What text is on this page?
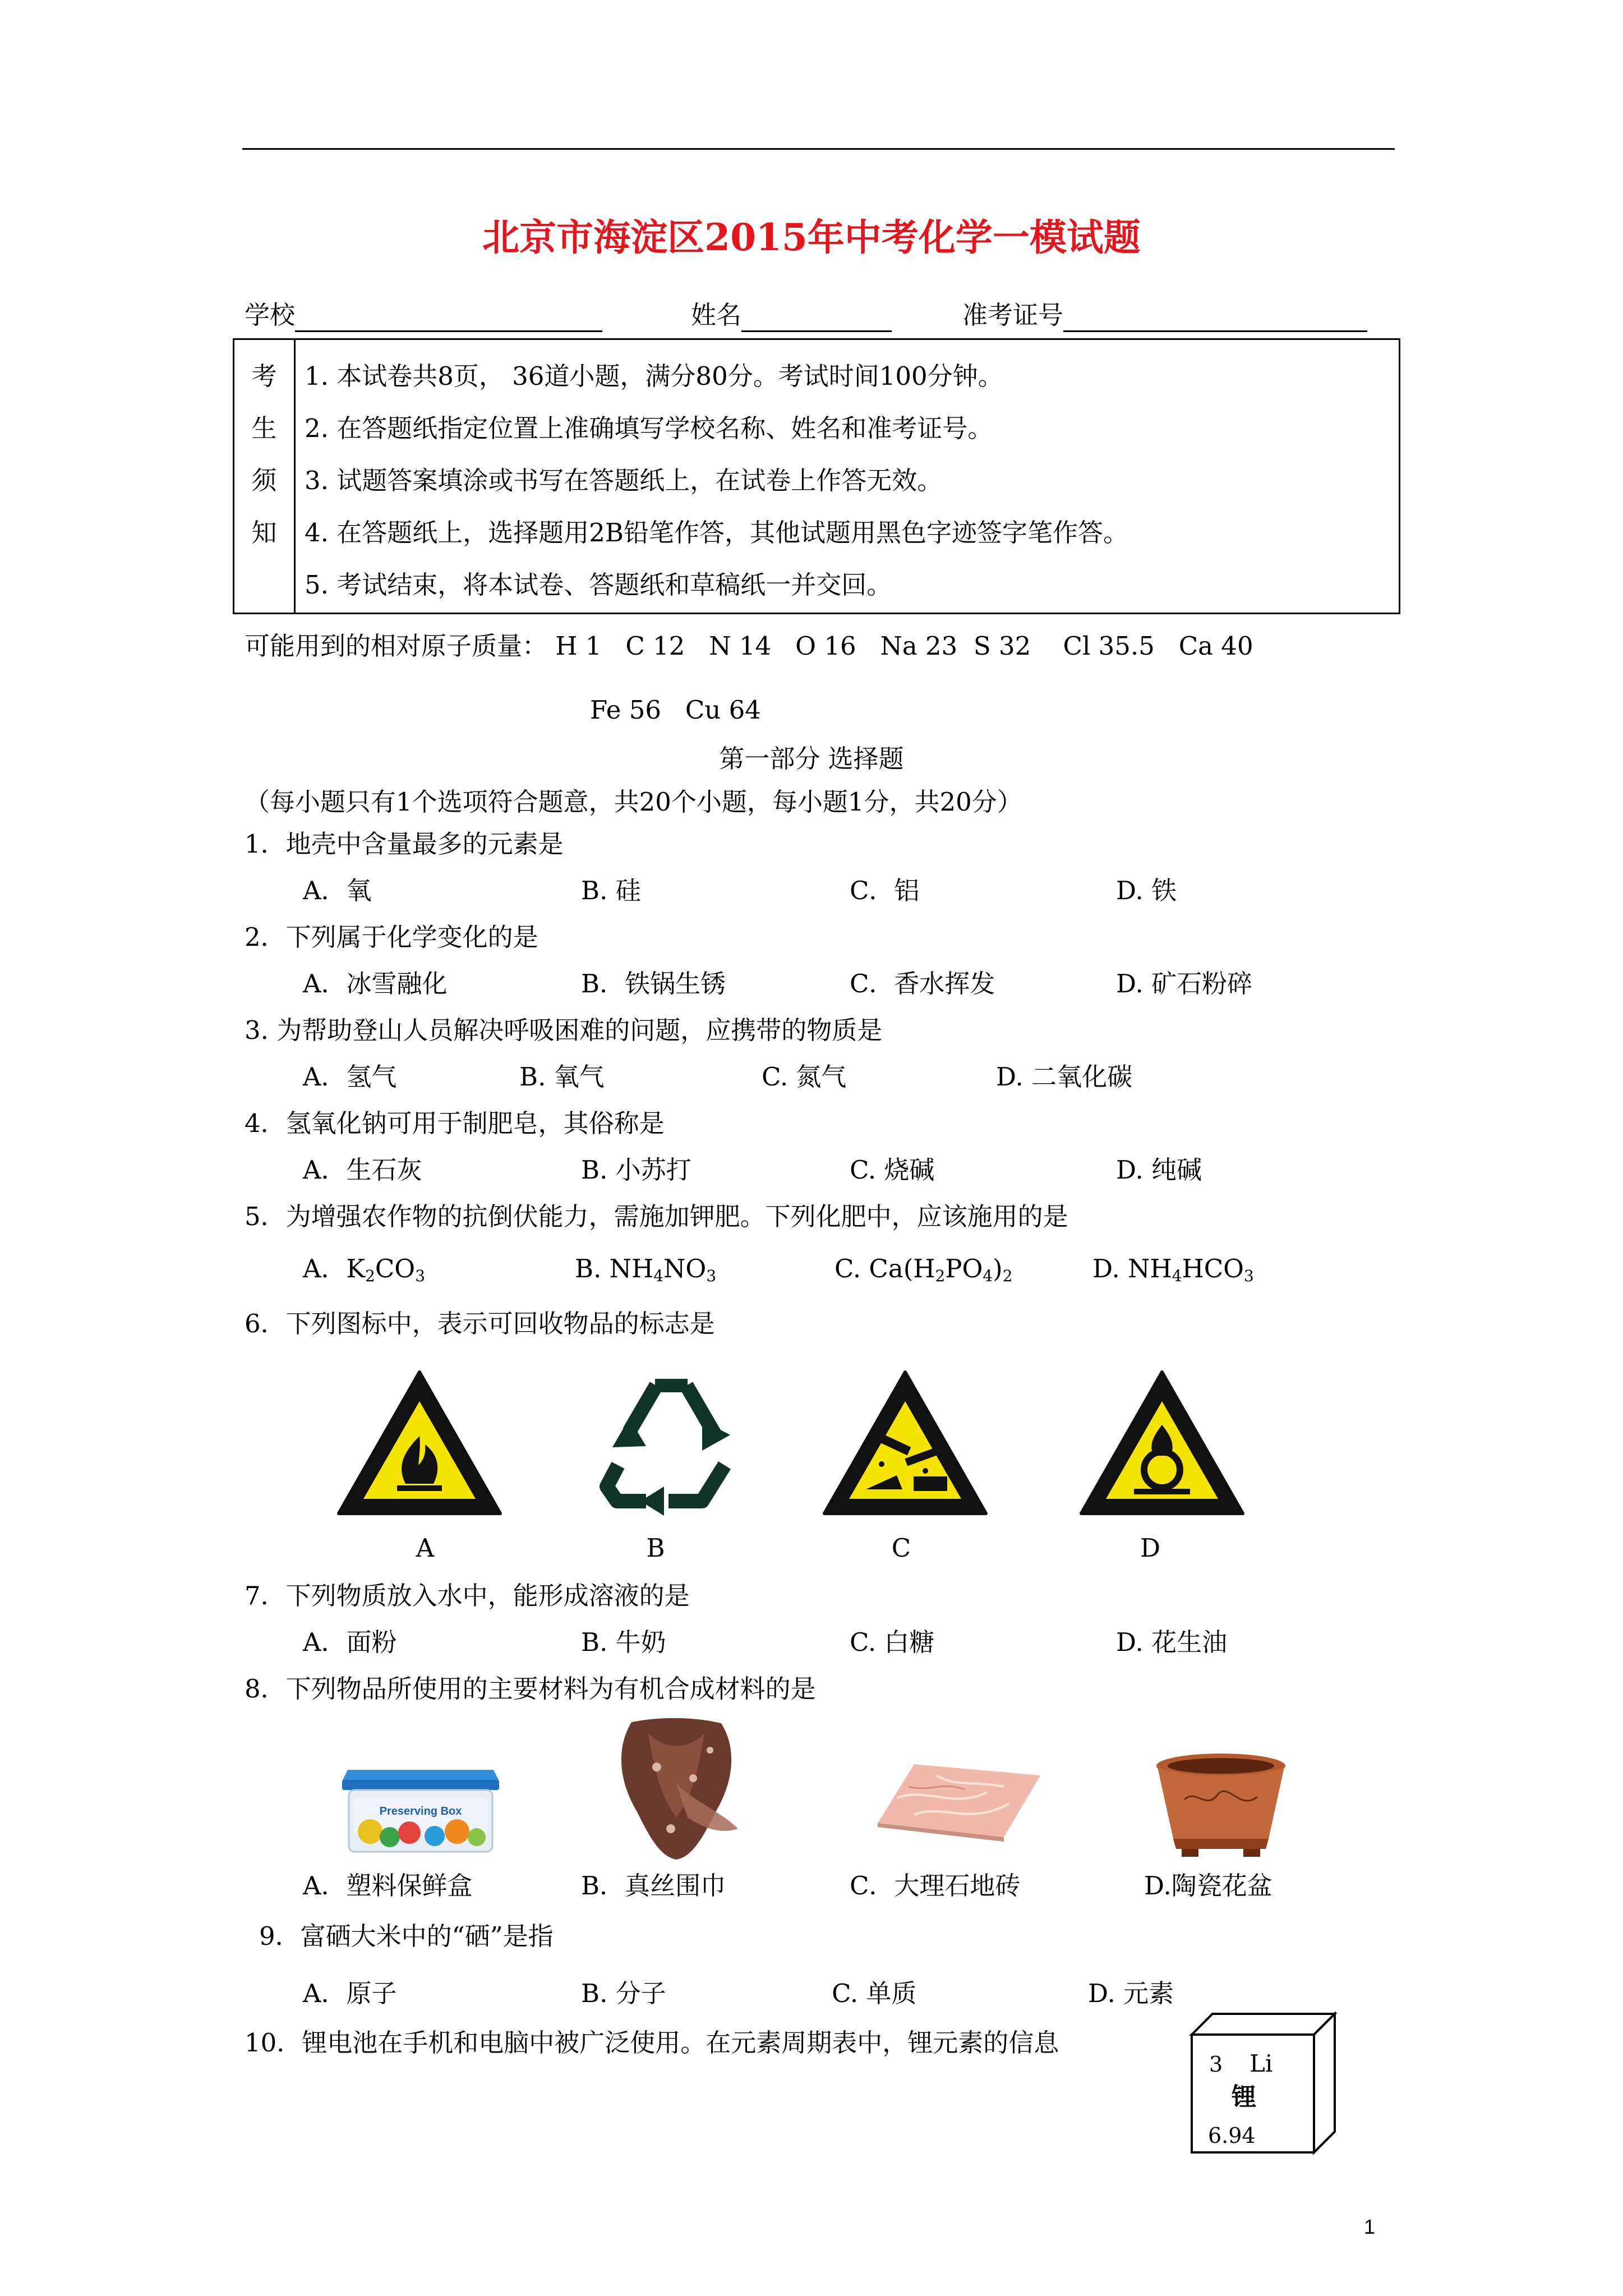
北京市海淀区2015年中考化学一模试题
学校	姓名	准考证号
考
生
须
知
1. 本试卷共8页， 36道小题，满分80分。考试时间100分钟。
2. 在答题纸指定位置上准确填写学校名称、姓名和准考证号。
3. 试题答案填涂或书写在答题纸上，在试卷上作答无效。
4. 在答题纸上，选择题用2B铅笔作答，其他试题用黑色字迹签字笔作答。
5. 考试结束，将本试卷、答题纸和草稿纸一并交回。
可能用到的相对原子质量： H 1   C 12   N 14   O 16   Na 23  S 32    Cl 35.5   Ca 40
Fe 56   Cu 64
第一部分 选择题
（每小题只有1个选项符合题意，共20个小题，每小题1分，共20分）
1．地壳中含量最多的元素是
A．氧	B. 硅	C．铝	D. 铁
2．下列属于化学变化的是
A．冰雪融化	B．铁锅生锈	C．香水挥发	D. 矿石粉碎
3. 为帮助登山人员解决呼吸困难的问题，应携带的物质是
A．氢气	B. 氧气	C. 氮气	D. 二氧化碳
4．氢氧化钠可用于制肥皂，其俗称是
A．生石灰	B. 小苏打	C. 烧碱	D. 纯碱
5．为增强农作物的抗倒伏能力，需施加钾肥。下列化肥中，应该施用的是
A．$K_2CO_3$	B. $NH_4NO_3$	C. $Ca(H_2PO_4)_2$	D. $NH_4HCO_3$
6．下列图标中，表示可回收物品的标志是
A	B	C	D
7．下列物质放入水中，能形成溶液的是
A．面粉	B. 牛奶	C. 白糖	D. 花生油
8．下列物品所使用的主要材料为有机合成材料的是
Preserving Box
A．塑料保鲜盒	B．真丝围巾	C．大理石地砖	D.陶瓷花盆
9．富硒大米中的“硒”是指
A．原子	B. 分子	C. 单质	D. 元素
10．锂电池在手机和电脑中被广泛使用。在元素周期表中，锂元素的信息
3 Li
锂
6.94
1
